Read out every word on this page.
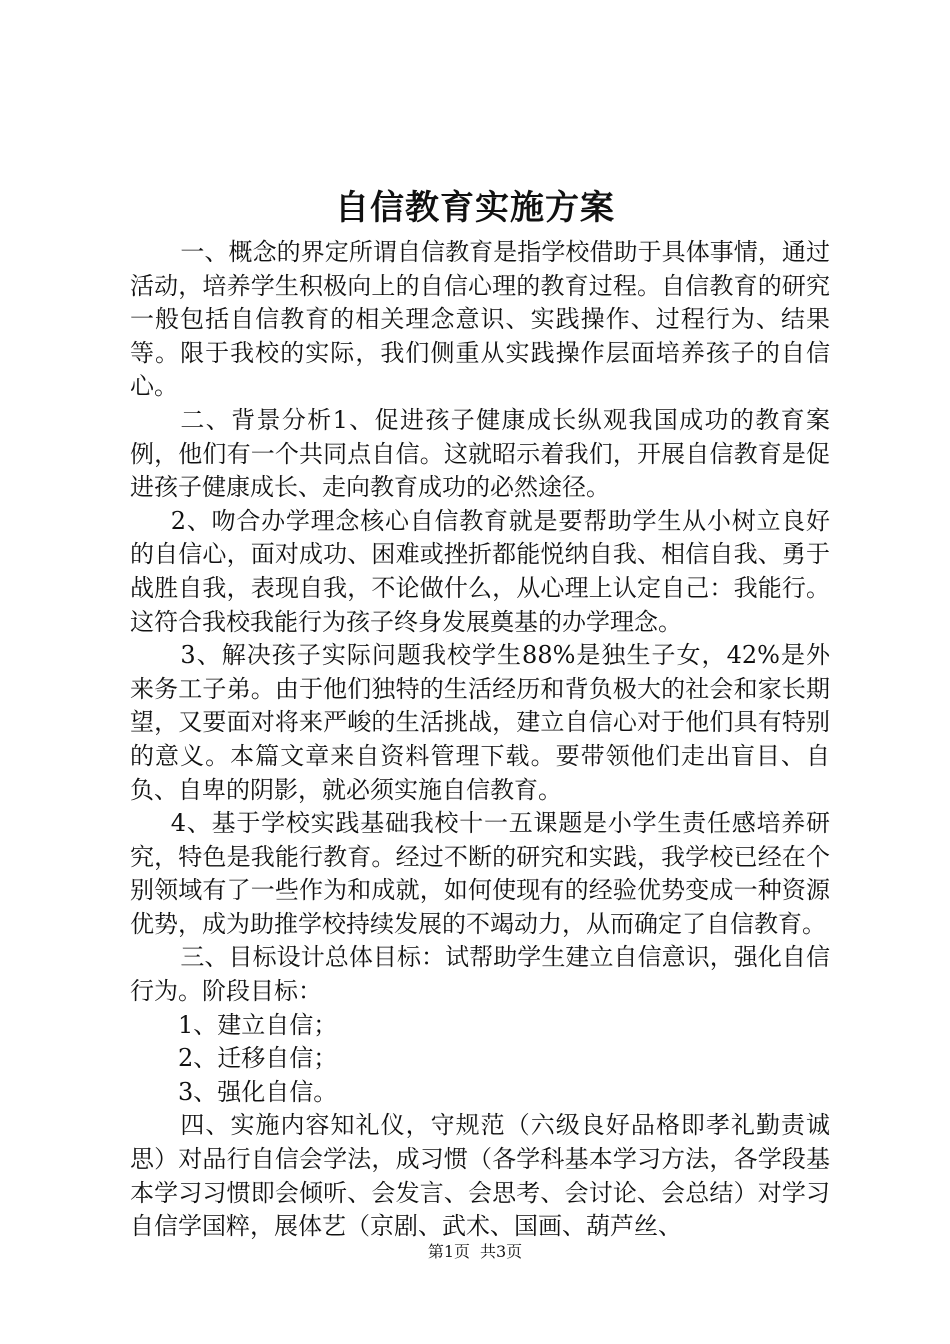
自信教育实施方案

一、概念的界定所谓自信教育是指学校借助于具体事情，通过活动，培养学生积极向上的自信心理的教育过程。自信教育的研究一般包括自信教育的相关理念意识、实践操作、过程行为、结果等。限于我校的实际，我们侧重从实践操作层面培养孩子的自信心。

二、背景分析1、促进孩子健康成长纵观我国成功的教育案例，他们有一个共同点自信。这就昭示着我们，开展自信教育是促进孩子健康成长、走向教育成功的必然途径。

2、吻合办学理念核心自信教育就是要帮助学生从小树立良好的自信心，面对成功、困难或挫折都能悦纳自我、相信自我、勇于战胜自我，表现自我，不论做什么，从心理上认定自己：我能行。这符合我校我能行为孩子终身发展奠基的办学理念。

3、解决孩子实际问题我校学生88%是独生子女，42%是外来务工子弟。由于他们独特的生活经历和背负极大的社会和家长期望，又要面对将来严峻的生活挑战，建立自信心对于他们具有特别的意义。本篇文章来自资料管理下载。要带领他们走出盲目、自负、自卑的阴影，就必须实施自信教育。

4、基于学校实践基础我校十一五课题是小学生责任感培养研究，特色是我能行教育。经过不断的研究和实践，我学校已经在个别领域有了一些作为和成就，如何使现有的经验优势变成一种资源优势，成为助推学校持续发展的不竭动力，从而确定了自信教育。

三、目标设计总体目标：试帮助学生建立自信意识，强化自信行为。阶段目标：

1、建立自信；

2、迁移自信；

3、强化自信。

四、实施内容知礼仪，守规范（六级良好品格即孝礼勤责诚思）对品行自信会学法，成习惯（各学科基本学习方法，各学段基本学习习惯即会倾听、会发言、会思考、会讨论、会总结）对学习自信学国粹，展体艺（京剧、武术、国画、葫芦丝、

第1页 共3页
